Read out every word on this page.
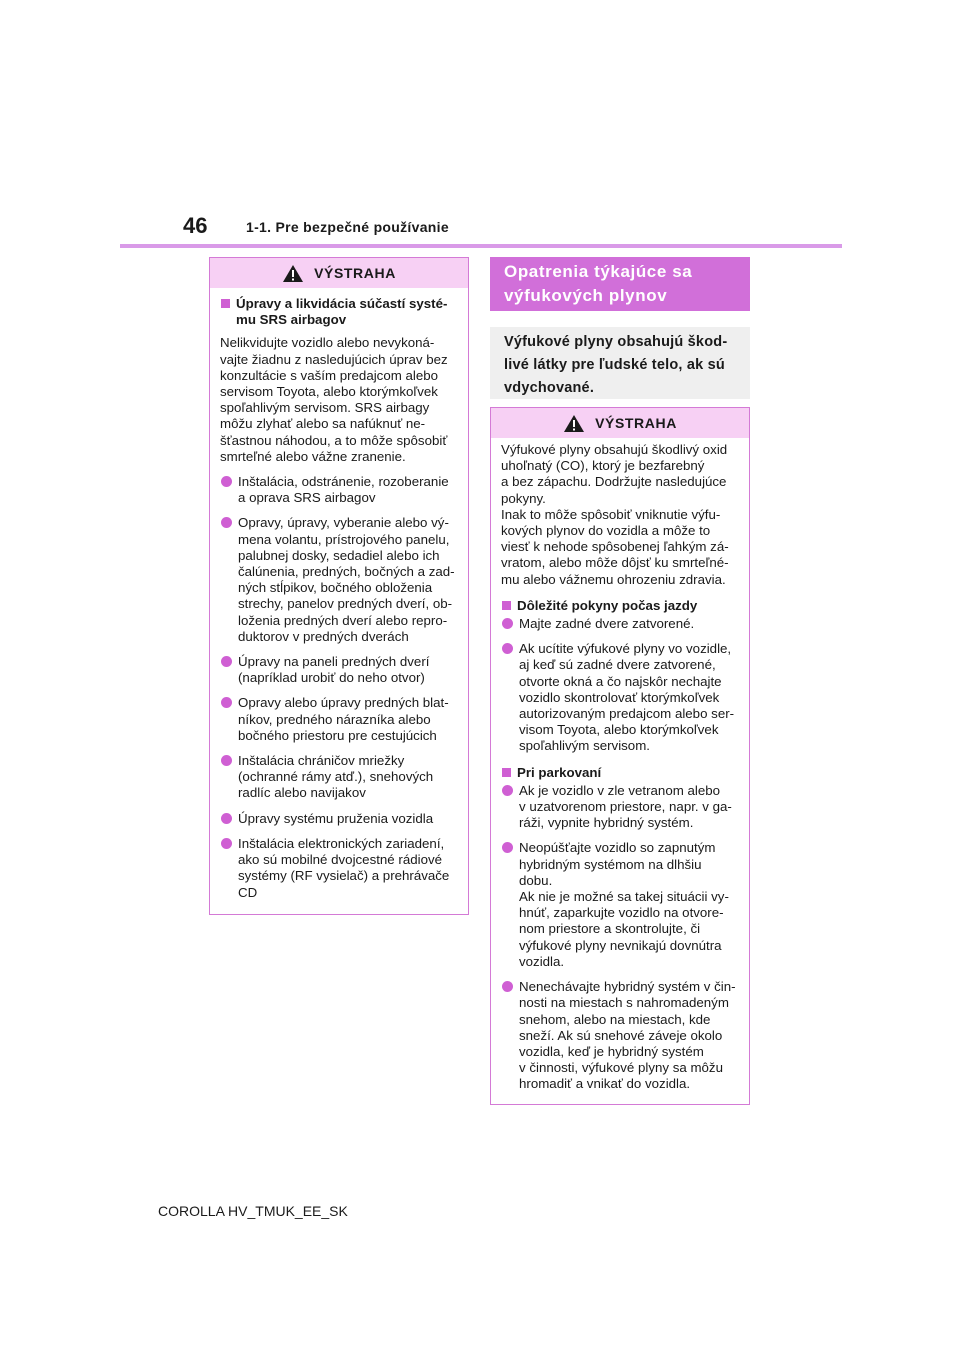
46	1-1. Pre bezpečné používanie
VÝSTRAHA
Úpravy a likvidácia súčastí systé-
mu SRS airbagov

Nelikvidujte vozidlo alebo nevykoná-
vajte žiadnu z nasledujúcich úprav bez
konzultácie s vaším predajcom alebo
servisom Toyota, alebo ktorýmkoľvek
spoľahlivým servisom. SRS airbagy
môžu zlyhať alebo sa nafúknuť ne-
šťastnou náhodou, a to môže spôsobiť
smrteľné alebo vážne zranenie.

Inštalácia, odstránenie, rozoberanie
a oprava SRS airbagov
Opravy, úpravy, vyberanie alebo vý-
mena volantu, prístrojového panelu,
palubnej dosky, sedadiel alebo ich
čalúnenia, predných, bočných a zad-
ných stĺpikov, bočného obloženia
strechy, panelov predných dverí, ob-
loženia predných dverí alebo repro-
duktorov v predných dverách
Úpravy na paneli predných dverí
(napríklad urobiť do neho otvor)
Opravy alebo úpravy predných blat-
níkov, predného nárazníka alebo
bočného priestoru pre cestujúcich
Inštalácia chráničov mriežky
(ochranné rámy atď.), snehových
radlíc alebo navijakov
Úpravy systému pruženia vozidla
Inštalácia elektronických zariadení,
ako sú mobilné dvojcestné rádiové
systémy (RF vysielač) a prehrávače
CD
Opatrenia týkajúce sa
výfukových plynov
Výfukové plyny obsahujú škod-
livé látky pre ľudské telo, ak sú
vdychované.
VÝSTRAHA

Výfukové plyny obsahujú škodlivý oxid
uhoľnatý (CO), ktorý je bezfarebný
a bez zápachu. Dodržujte nasledujúce
pokyny.
Inak to môže spôsobiť vniknutie výfu-
kových plynov do vozidla a môže to
viesť k nehode spôsobenej ľahkým zá-
vratom, alebo môže dôjsť ku smrteľné-
mu alebo vážnemu ohrozeniu zdravia.

Dôležité pokyny počas jazdy
Majte zadné dvere zatvorené.
Ak ucítite výfukové plyny vo vozidle,
aj keď sú zadné dvere zatvorené,
otvorte okná a čo najskôr nechajte
vozidlo skontrolovať ktorýmkoľvek
autorizovaným predajcom alebo ser-
visom Toyota, alebo ktorýmkoľvek
spoľahlivým servisom.
Pri parkovaní
Ak je vozidlo v zle vetranom alebo
v uzatvorenom priestore, napr. v ga-
ráži, vypnite hybridný systém.
Neopúšťajte vozidlo so zapnutým
hybridným systémom na dlhšiu
dobu.
Ak nie je možné sa takej situácii vy-
hnúť, zaparkujte vozidlo na otvore-
nom priestore a skontrolujte, či
výfukové plyny nevnikajú dovnútra
vozidla.
Nenechávajte hybridný systém v čin-
nosti na miestach s nahromadeným
snehom, alebo na miestach, kde
sneží. Ak sú snehové záveje okolo
vozidla, keď je hybridný systém
v činnosti, výfukové plyny sa môžu
hromadiť a vnikať do vozidla.
COROLLA HV_TMUK_EE_SK
